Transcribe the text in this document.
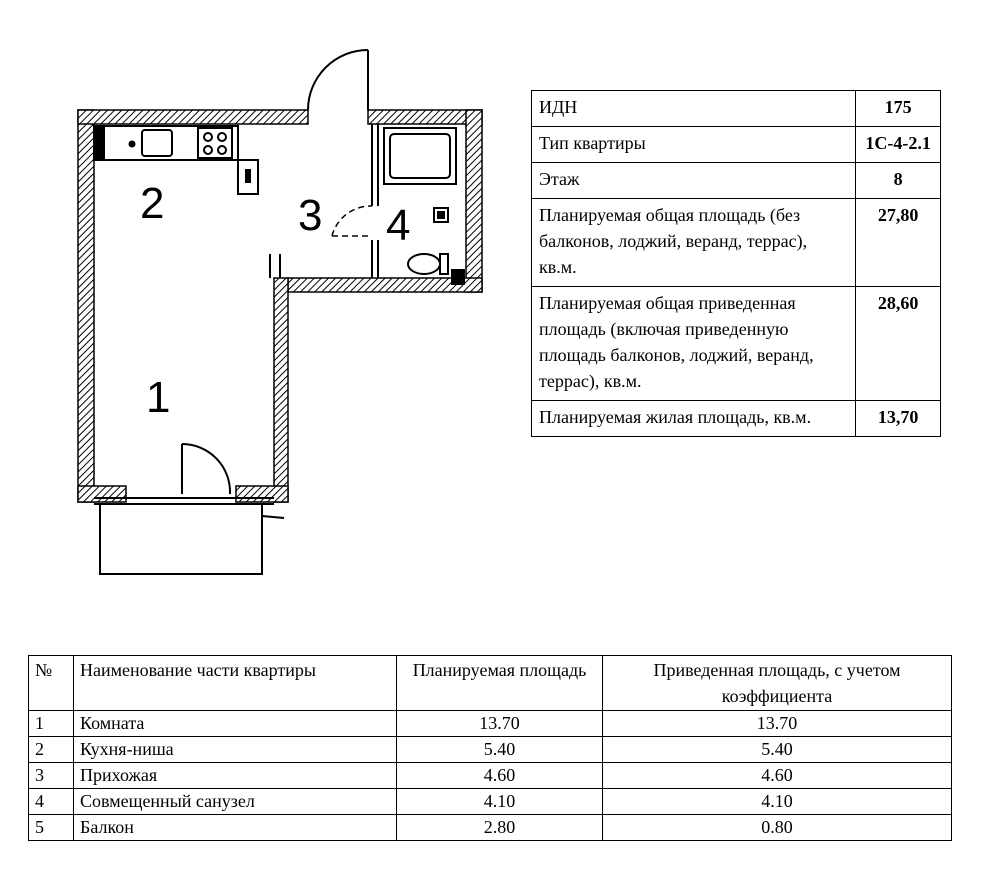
1
2	3 4
ИДН	175
Тип квартиры	1С-4-2.1
Этаж	8
Планируемая общая площадь (без балконов, лоджий, веранд, террас), кв.м.	27,80
Планируемая общая приведенная площадь (включая приведенную площадь балконов, лоджий, веранд, террас), кв.м.	28,60
Планируемая жилая площадь, кв.м.	13,70
№	Наименование части квартиры	Планируемая площадь	Приведенная площадь, с учетом коэффициента
1	Комната	13.70	13.70
2	Кухня-ниша	5.40	5.40
3	Прихожая	4.60	4.60
4	Совмещенный санузел	4.10	4.10
5	Балкон	2.80	0.80
